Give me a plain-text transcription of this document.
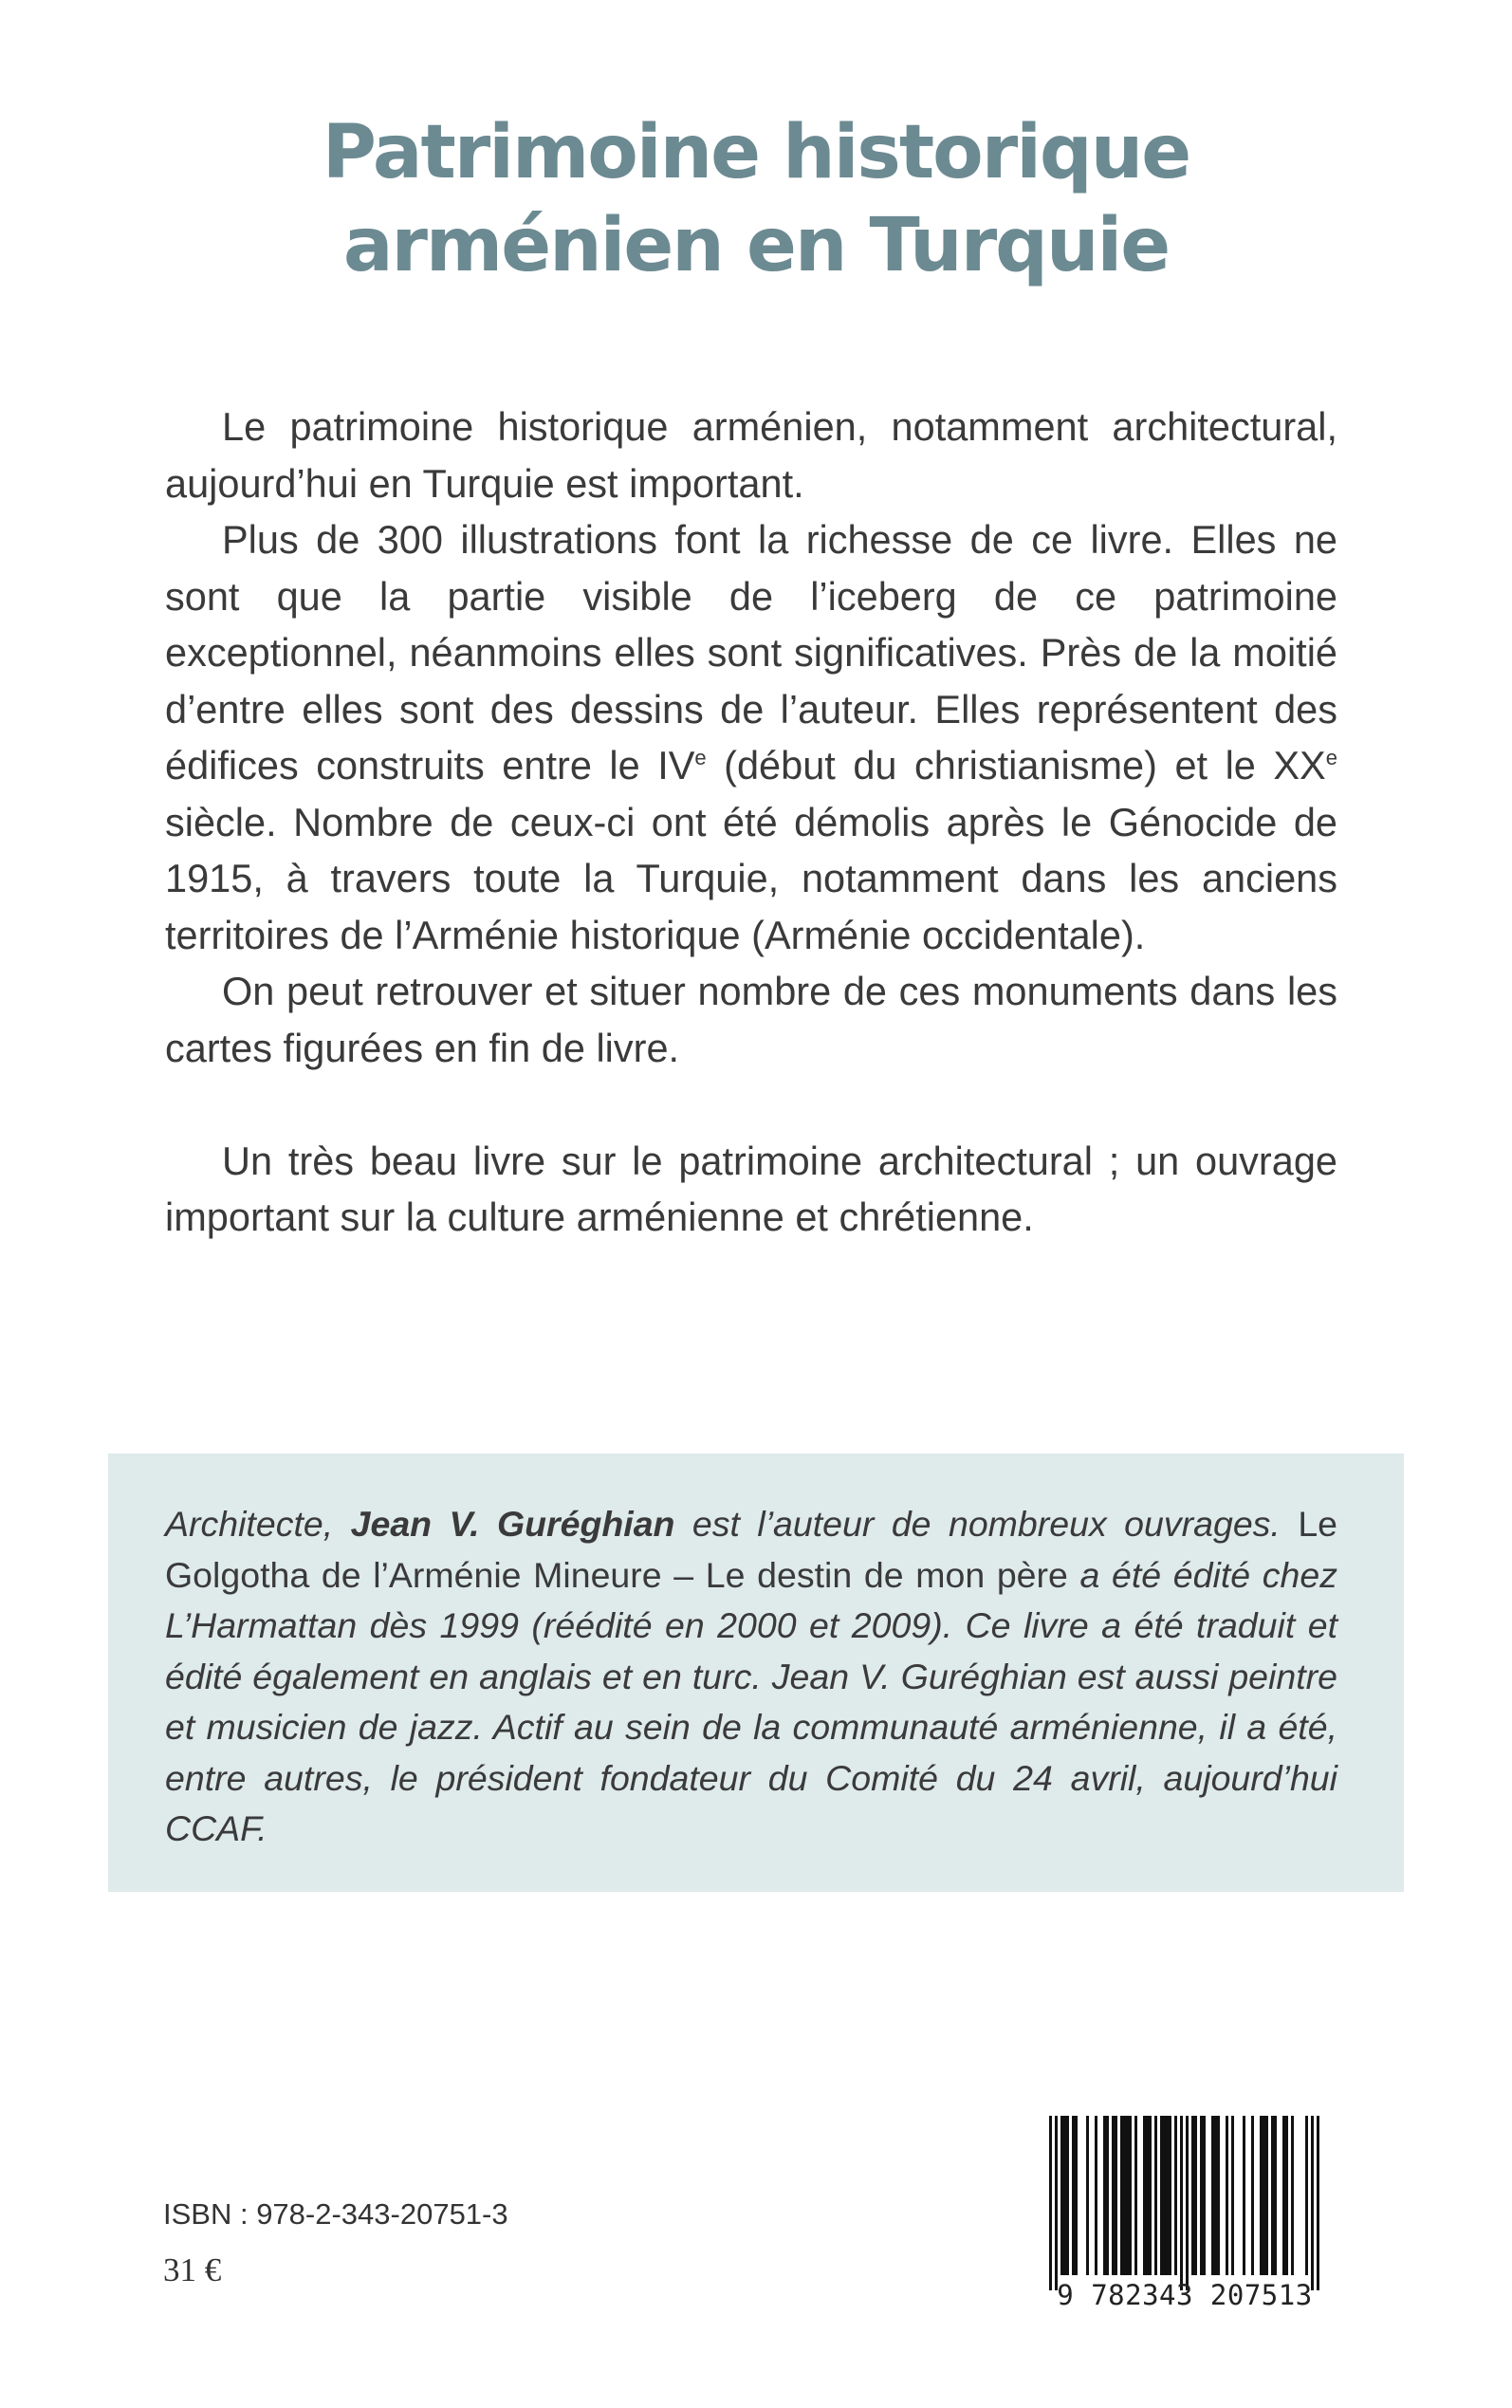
Patrimoine historique
arménien en Turquie

Le patrimoine historique arménien, notamment architectural, aujourd’hui en Turquie est important.

Plus de 300 illustrations font la richesse de ce livre. Elles ne sont que la partie visible de l’iceberg de ce patrimoine exceptionnel, néanmoins elles sont significatives. Près de la moitié d’entre elles sont des dessins de l’auteur. Elles représentent des édifices construits entre le IVe (début du christianisme) et le XXe siècle. Nombre de ceux-ci ont été démolis après le Génocide de 1915, à travers toute la Turquie, notamment dans les anciens territoires de l’Arménie historique (Arménie occidentale).

On peut retrouver et situer nombre de ces monuments dans les cartes figurées en fin de livre.

Un très beau livre sur le patrimoine architectural ; un ouvrage important sur la culture arménienne et chrétienne.

Architecte, Jean V. Guréghian est l’auteur de nombreux ouvrages. Le Golgotha de l’Arménie Mineure – Le destin de mon père a été édité chez L’Harmattan dès 1999 (réédité en 2000 et 2009). Ce livre a été traduit et édité également en anglais et en turc. Jean V. Guréghian est aussi peintre et musicien de jazz. Actif au sein de la communauté arménienne, il a été, entre autres, le président fondateur du Comité du 24 avril, aujourd’hui CCAF.
ISBN : 978-2-343-20751-3
31 €
9 782343 207513
